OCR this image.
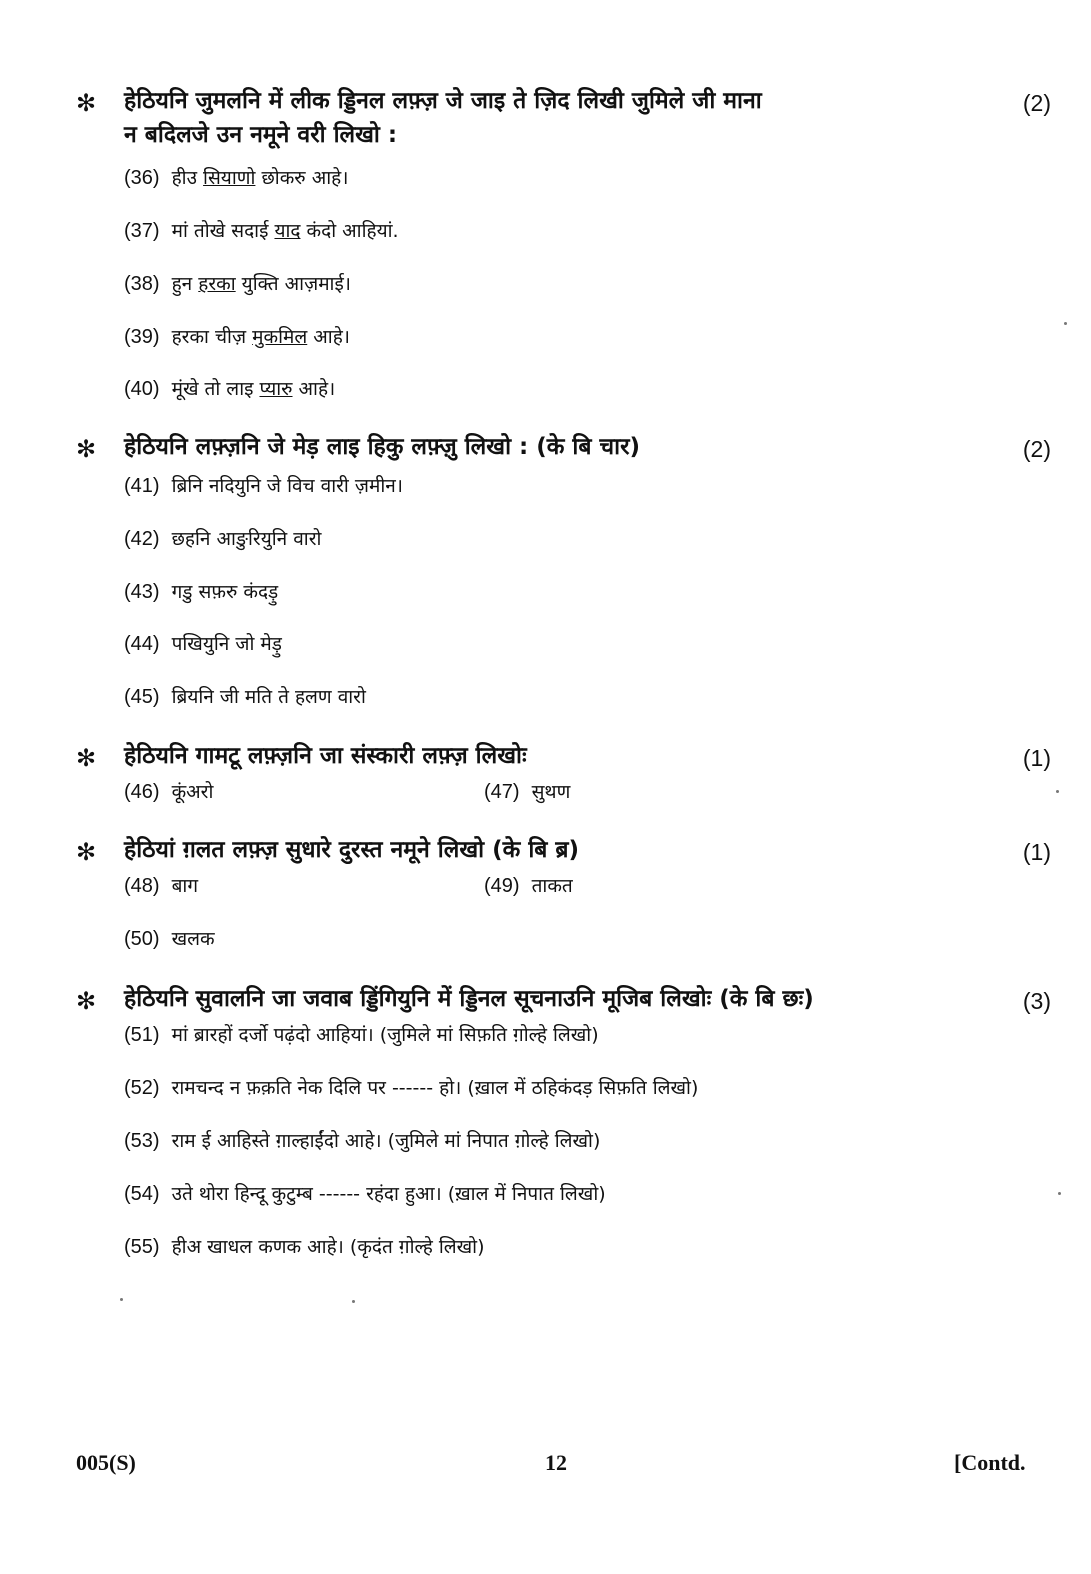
✻ हेठियनि जुमलनि में लीक ड्डिनल लफ़्ज़ जे जाइ ते ज़िद लिखी जुमिले जी माना
न बदिलजे उन नमूने वरी लिखो :
(2)
(36) हीउ सियाणो छोकरु आहे।
(37) मां तोखे सदाई याद कंदो आहियां.
(38) हुन हरका युक्ति आज़माई।
(39) हरका चीज़ मुकमिल आहे।
(40) मूंखे तो लाइ प्यारु आहे।
✻ हेठियनि लफ़्ज़नि जे मेड़ लाइ हिकु लफ़्ज़ु लिखो : (के बि चार)	(2)
(41) ब्रिनि नदियुनि जे विच वारी ज़मीन।
(42) छहनि आङुरियुनि वारो
(43) गडु सफ़रु कंदड़ु
(44) पखियुनि जो मेड़ु
(45) ब्रियनि जी मति ते हलण वारो
✻ हेठियनि गामटू लफ़्ज़नि जा संस्कारी लफ़्ज़ लिखोः	(1)
(46) कूंअरो	(47) सुथण
✻ हेठियां ग़लत लफ़्ज़ सुधारे दुरस्त नमूने लिखो (के बि ब्र)	(1)
(48) बाग	(49) ताकत
(50) खलक
✻ हेठियनि सुवालनि जा जवाब ड्डिंगियुनि में ड्डिनल सूचनाउनि मूजिब लिखोः (के बि छः)	(3)
(51) मां ब्रारहों दर्जो पढ़ंदो आहियां। (जुमिले मां सिफ़ति ग़ोल्हे लिखो)
(52) रामचन्द न फ़क़ति नेक दिलि पर ------ हो। (ख़ाल में ठहिकंदड़ सिफ़ति लिखो)
(53) राम ई आहिस्ते ग़ाल्हाईंदो आहे। (जुमिले मां निपात ग़ोल्हे लिखो)
(54) उते थोरा हिन्दू कुटुम्ब ------ रहंदा हुआ। (ख़ाल में निपात लिखो)
(55) हीअ खाधल कणक आहे। (कृदंत ग़ोल्हे लिखो)
005(S)	12	[Contd.
